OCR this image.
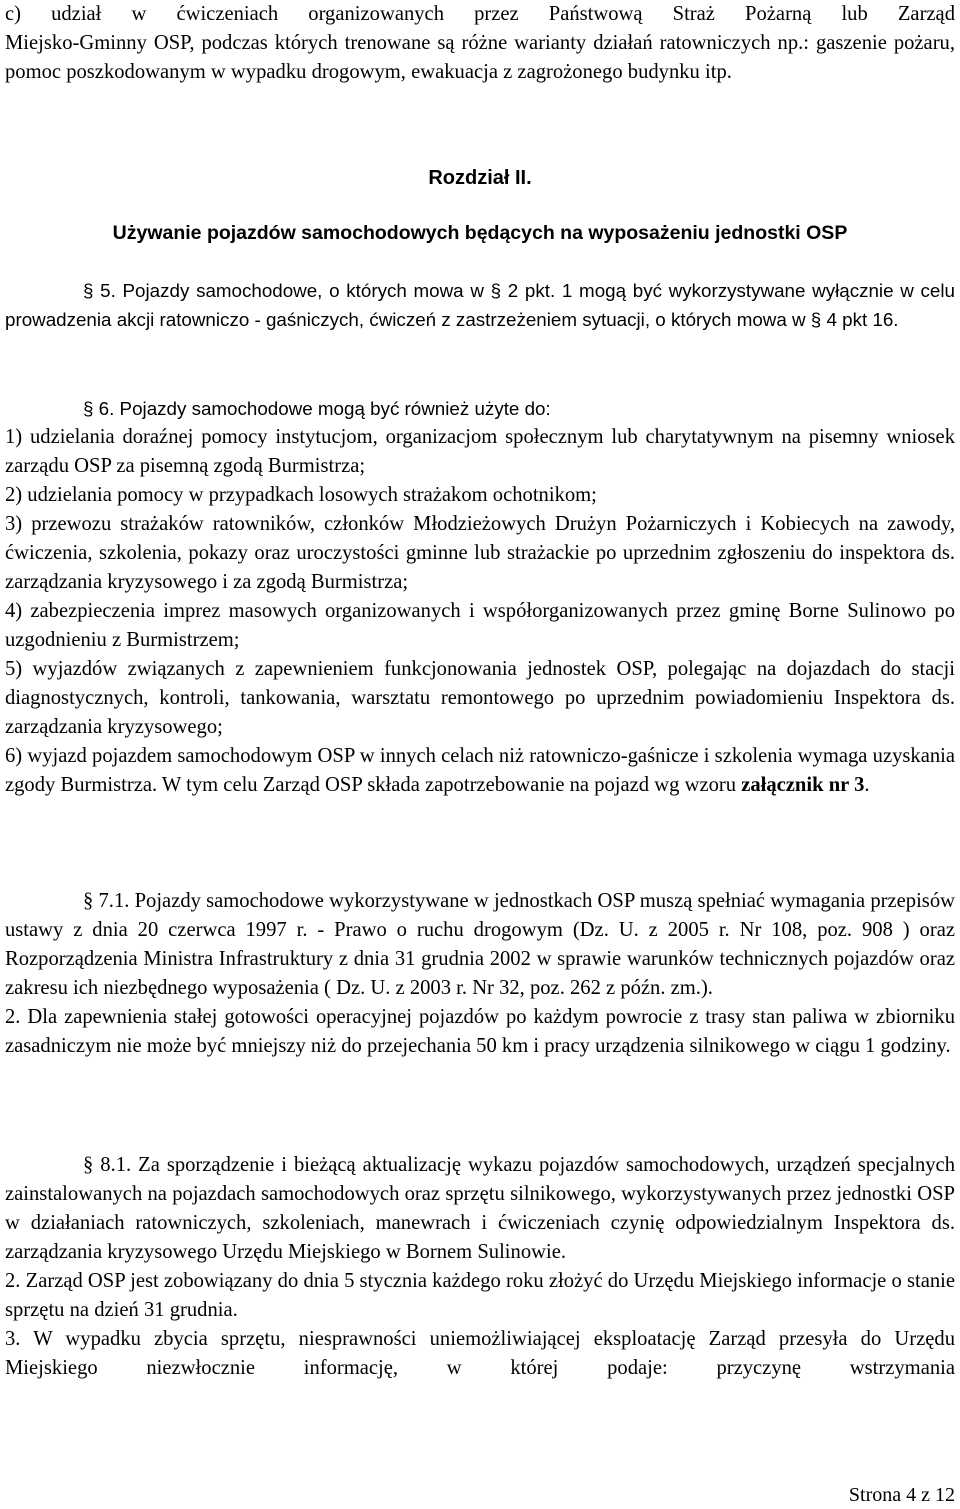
c) udział w ćwiczeniach organizowanych przez Państwową Straż Pożarną lub Zarząd

Miejsko-Gminny OSP, podczas których trenowane są różne warianty działań ratowniczych np.: gaszenie pożaru, pomoc poszkodowanym w wypadku drogowym, ewakuacja z zagrożonego budynku itp.

Rozdział II.
Używanie pojazdów samochodowych będących na wyposażeniu jednostki OSP

§ 5. Pojazdy samochodowe, o których mowa w § 2 pkt. 1 mogą być wykorzystywane wyłącznie w celu prowadzenia akcji ratowniczo - gaśniczych, ćwiczeń z zastrzeżeniem sytuacji, o których mowa w § 4 pkt 16.

§ 6. Pojazdy samochodowe mogą być również użyte do:

1) udzielania doraźnej pomocy instytucjom, organizacjom społecznym lub charytatywnym na pisemny wniosek zarządu OSP za pisemną zgodą Burmistrza;

2) udzielania pomocy w przypadkach losowych strażakom ochotnikom;

3) przewozu strażaków ratowników, członków Młodzieżowych Drużyn Pożarniczych i Kobiecych na zawody, ćwiczenia, szkolenia, pokazy oraz uroczystości gminne lub strażackie po uprzednim zgłoszeniu do inspektora ds. zarządzania kryzysowego i za zgodą Burmistrza;

4) zabezpieczenia imprez masowych organizowanych i współorganizowanych przez gminę Borne Sulinowo po uzgodnieniu z Burmistrzem;

5) wyjazdów związanych z zapewnieniem funkcjonowania jednostek OSP, polegając na dojazdach do stacji diagnostycznych, kontroli, tankowania, warsztatu remontowego po uprzednim powiadomieniu Inspektora ds. zarządzania kryzysowego;

6) wyjazd pojazdem samochodowym OSP w innych celach niż ratowniczo-gaśnicze i szkolenia wymaga uzyskania zgody Burmistrza. W tym celu Zarząd OSP składa zapotrzebowanie na pojazd wg wzoru załącznik nr 3.

§ 7.1. Pojazdy samochodowe wykorzystywane w jednostkach OSP muszą spełniać wymagania przepisów ustawy z dnia 20 czerwca 1997 r. - Prawo o ruchu drogowym (Dz. U. z 2005 r. Nr 108, poz. 908 ) oraz Rozporządzenia Ministra Infrastruktury z dnia 31 grudnia 2002 w sprawie warunków technicznych pojazdów oraz zakresu ich niezbędnego wyposażenia ( Dz. U. z 2003 r. Nr 32, poz. 262 z późn. zm.).

2. Dla zapewnienia stałej gotowości operacyjnej pojazdów po każdym powrocie z trasy stan paliwa w zbiorniku zasadniczym nie może być mniejszy niż do przejechania 50 km i pracy urządzenia silnikowego w ciągu 1 godziny.

§ 8.1. Za sporządzenie i bieżącą aktualizację wykazu pojazdów samochodowych, urządzeń specjalnych zainstalowanych na pojazdach samochodowych oraz sprzętu silnikowego, wykorzystywanych przez jednostki OSP w działaniach ratowniczych, szkoleniach, manewrach i ćwiczeniach czynię odpowiedzialnym Inspektora ds. zarządzania kryzysowego Urzędu Miejskiego w Bornem Sulinowie.

2. Zarząd OSP jest zobowiązany do dnia 5 stycznia każdego roku złożyć do Urzędu Miejskiego informacje o stanie sprzętu na dzień 31 grudnia.

3. W wypadku zbycia sprzętu, niesprawności uniemożliwiającej eksploatację Zarząd przesyła do Urzędu Miejskiego niezwłocznie informację, w której podaje: przyczynę wstrzymania

Strona 4 z 12
